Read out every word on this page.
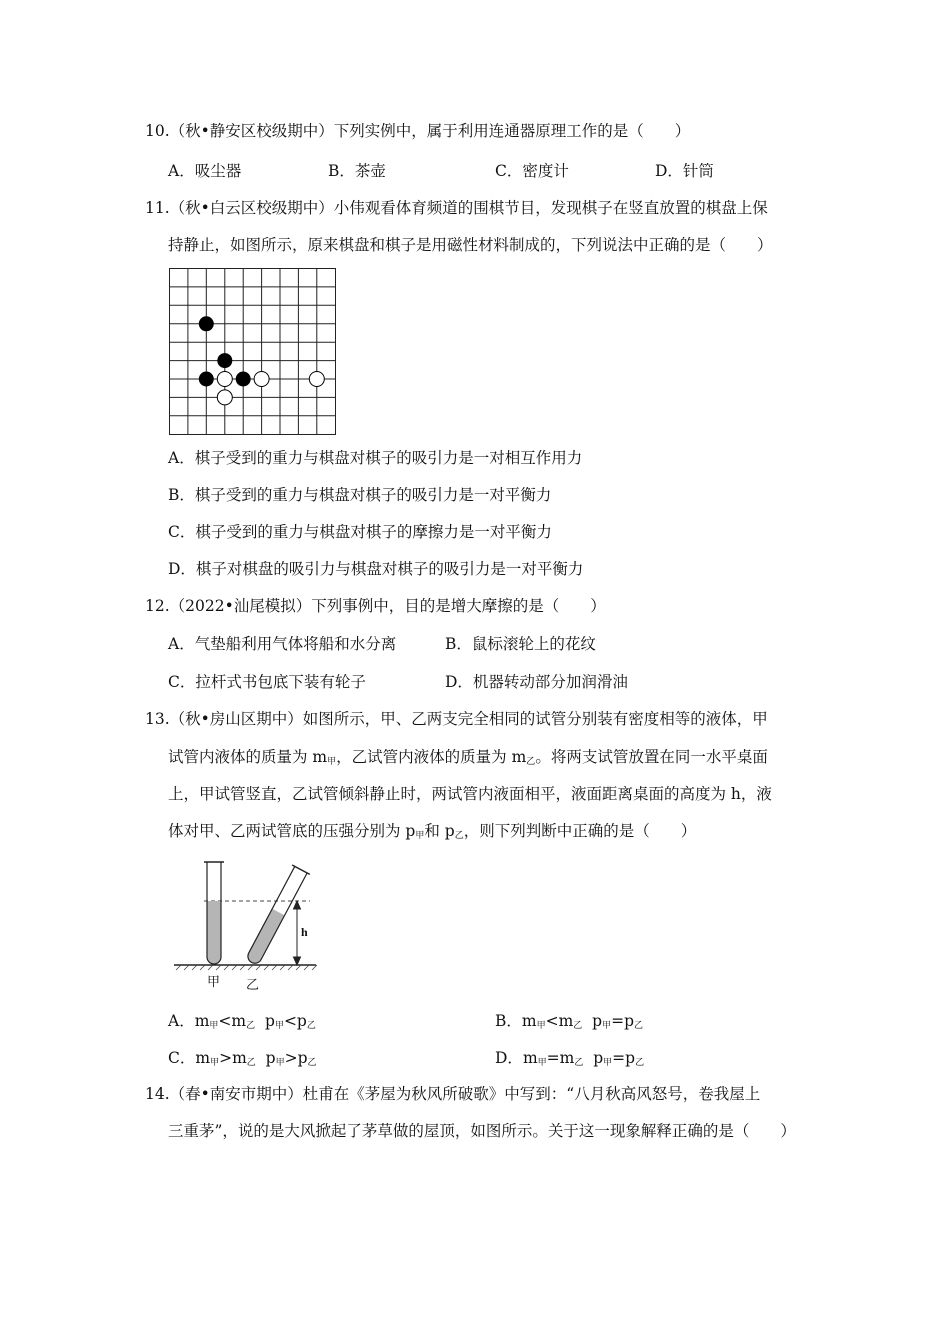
10.（秋•静安区校级期中）下列实例中，属于利用连通器原理工作的是（　　）
A．吸尘器	B．茶壶	C．密度计	D．针筒
11.（秋•白云区校级期中）小伟观看体育频道的围棋节目，发现棋子在竖直放置的棋盘上保
持静止，如图所示，原来棋盘和棋子是用磁性材料制成的，下列说法中正确的是（　　）
A．棋子受到的重力与棋盘对棋子的吸引力是一对相互作用力
B．棋子受到的重力与棋盘对棋子的吸引力是一对平衡力
C．棋子受到的重力与棋盘对棋子的摩擦力是一对平衡力
D．棋子对棋盘的吸引力与棋盘对棋子的吸引力是一对平衡力
12.（2022•汕尾模拟）下列事例中，目的是增大摩擦的是（　　）
A．气垫船利用气体将船和水分离	B．鼠标滚轮上的花纹
C．拉杆式书包底下装有轮子	D．机器转动部分加润滑油
13.（秋•房山区期中）如图所示，甲、乙两支完全相同的试管分别装有密度相等的液体，甲
试管内液体的质量为 $m_甲$，乙试管内液体的质量为 $m_乙$。将两支试管放置在同一水平桌面
上，甲试管竖直，乙试管倾斜静止时，两试管内液面相平，液面距离桌面的高度为 h，液
体对甲、乙两试管底的压强分别为 $p_甲$和 $p_乙$，则下列判断中正确的是（　　）
h
甲 乙
A．$m_甲<m_乙$ $p_甲<p_乙$	B．$m_甲<m_乙$ $p_甲=p_乙$
C．$m_甲>m_乙$ $p_甲>p_乙$	D．$m_甲=m_乙$ $p_甲=p_乙$
14.（春•南安市期中）杜甫在《茅屋为秋风所破歌》中写到：“八月秋高风怒号，卷我屋上
三重茅”，说的是大风掀起了茅草做的屋顶，如图所示。关于这一现象解释正确的是（　　）
